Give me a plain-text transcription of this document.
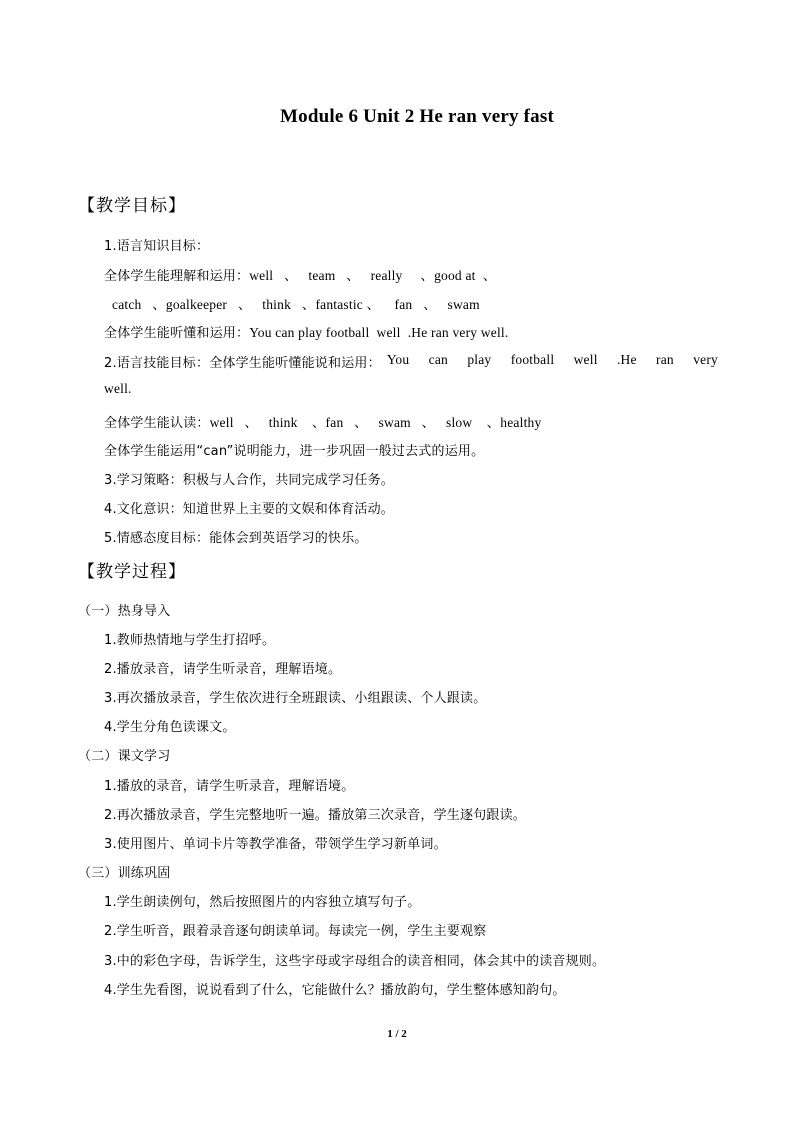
Module 6 Unit 2 He ran very fast
【教学目标】
1.语言知识目标：
全体学生能理解和运用：well   、   team   、   really     、good at  、
catch   、goalkeeper   、   think   、fantastic 、    fan   、   swam
全体学生能听懂和运用：You can play football  well  .He ran very well.
2.语言技能目标：全体学生能听懂能说和运用： You can play football well .He ran very
well.
全体学生能认读：well   、   think    、fan   、   swam   、   slow    、healthy
全体学生能运用“can”说明能力，进一步巩固一般过去式的运用。
3.学习策略：积极与人合作，共同完成学习任务。
4.文化意识：知道世界上主要的文娱和体育活动。
5.情感态度目标：能体会到英语学习的快乐。
【教学过程】
（一）热身导入
1.教师热情地与学生打招呼。
2.播放录音，请学生听录音，理解语境。
3.再次播放录音，学生依次进行全班跟读、小组跟读、个人跟读。
4.学生分角色读课文。
（二）课文学习
1.播放的录音，请学生听录音，理解语境。
2.再次播放录音，学生完整地听一遍。播放第三次录音，学生逐句跟读。
3.使用图片、单词卡片等教学准备，带领学生学习新单词。
（三）训练巩固
1.学生朗读例句，然后按照图片的内容独立填写句子。
2.学生听音，跟着录音逐句朗读单词。每读完一例，学生主要观察
3.中的彩色字母，告诉学生，这些字母或字母组合的读音相同，体会其中的读音规则。
4.学生先看图，说说看到了什么，它能做什么？播放韵句，学生整体感知韵句。
1 / 2
